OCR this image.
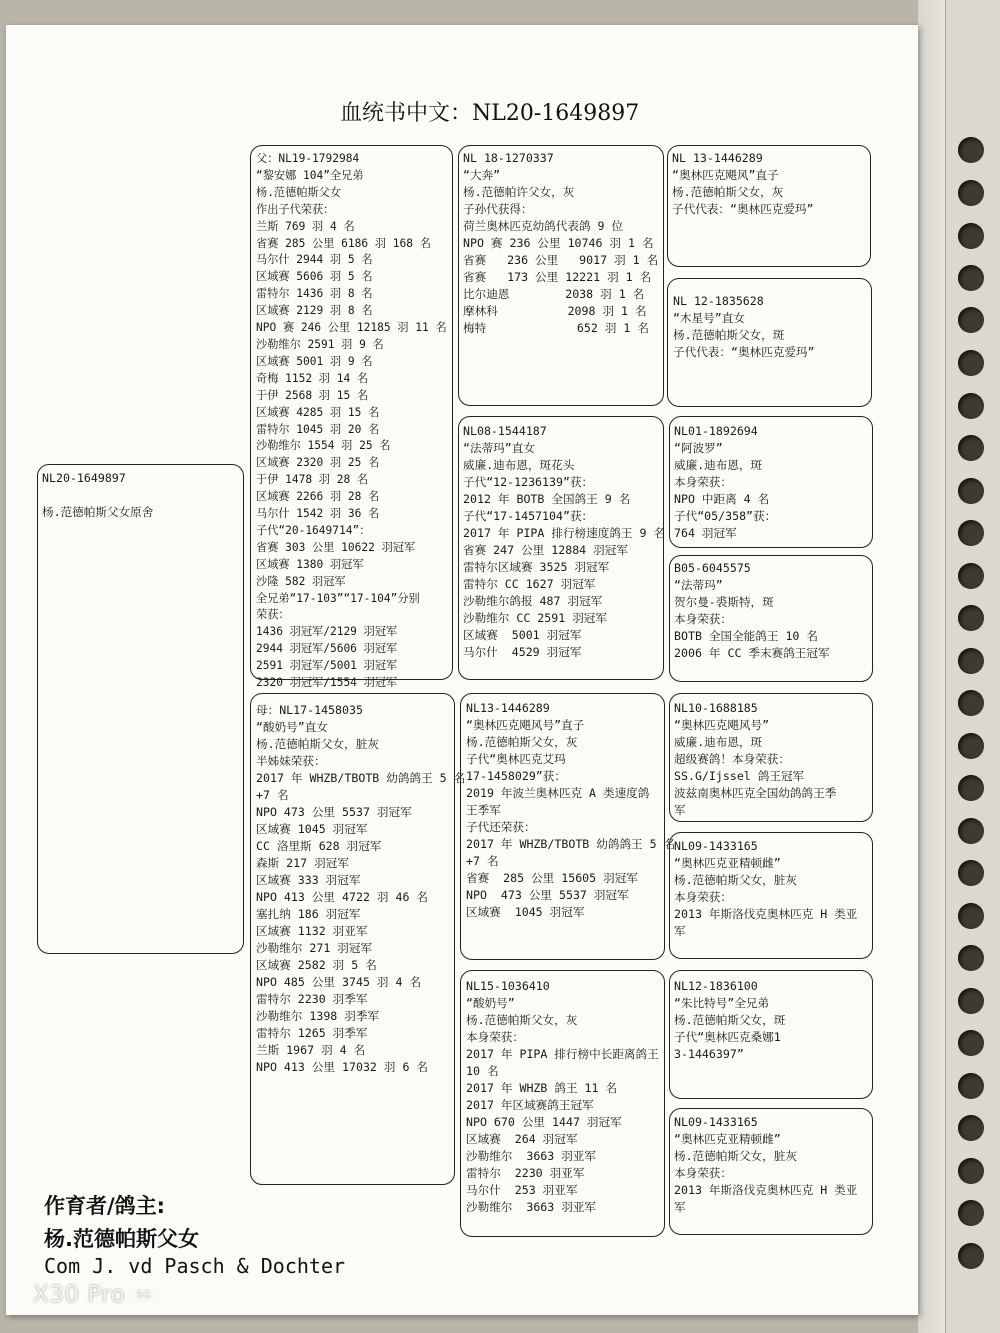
血统书中文：NL20-1649897
NL20-1649897

杨.范德帕斯父女原舍
父：NL19-1792984
“黎安娜 104”全兄弟
杨.范德帕斯父女
作出子代荣获：
兰斯 769 羽 4 名
省赛 285 公里 6186 羽 168 名
马尔什 2944 羽 5 名
区域赛 5606 羽 5 名
雷特尔 1436 羽 8 名
区域赛 2129 羽 8 名
NPO 赛 246 公里 12185 羽 11 名
沙勒维尔 2591 羽 9 名
区域赛 5001 羽 9 名
奇梅 1152 羽 14 名
于伊 2568 羽 15 名
区域赛 4285 羽 15 名
雷特尔 1045 羽 20 名
沙勒维尔 1554 羽 25 名
区域赛 2320 羽 25 名
于伊 1478 羽 28 名
区域赛 2266 羽 28 名
马尔什 1542 羽 36 名
子代“20-1649714”：
省赛 303 公里 10622 羽冠军
区域赛 1380 羽冠军
沙隆 582 羽冠军
全兄弟“17-103”“17-104”分别
荣获：
1436 羽冠军/2129 羽冠军
2944 羽冠军/5606 羽冠军
2591 羽冠军/5001 羽冠军
2320 羽冠军/1554 羽冠军
母：NL17-1458035
“酸奶号”直女
杨.范德帕斯父女，脏灰
半姊妹荣获：
2017 年 WHZB/TBOTB 幼鸽鸽王 5 名
+7 名
NPO 473 公里 5537 羽冠军
区域赛 1045 羽冠军
CC 洛里斯 628 羽冠军
森斯 217 羽冠军
区域赛 333 羽冠军
NPO 413 公里 4722 羽 46 名
塞扎纳 186 羽冠军
区域赛 1132 羽亚军
沙勒维尔 271 羽冠军
区域赛 2582 羽 5 名
NPO 485 公里 3745 羽 4 名
雷特尔 2230 羽季军
沙勒维尔 1398 羽季军
雷特尔 1265 羽季军
兰斯 1967 羽 4 名
NPO 413 公里 17032 羽 6 名
NL 18-1270337
“大奔”
杨.范德帕许父女，灰
子孙代获得：
荷兰奥林匹克幼鸽代表鸽 9 位
NPO 赛 236 公里 10746 羽 1 名
省赛   236 公里   9017 羽 1 名
省赛   173 公里 12221 羽 1 名
比尔迪恩        2038 羽 1 名
摩林科          2098 羽 1 名
梅特             652 羽 1 名
NL08-1544187
“法蒂玛”直女
威廉.迪布恩，斑花头
子代“12-1236139”获：
2012 年 BOTB 全国鸽王 9 名
子代“17-1457104”获：
2017 年 PIPA 排行榜速度鸽王 9 名
省赛 247 公里 12884 羽冠军
雷特尔区域赛 3525 羽冠军
雷特尔 CC 1627 羽冠军
沙勒维尔鸽报 487 羽冠军
沙勒维尔 CC 2591 羽冠军
区域赛  5001 羽冠军
马尔什  4529 羽冠军
NL13-1446289
“奥林匹克飓风号”直子
杨.范德帕斯父女，灰
子代“奥林匹克艾玛
17-1458029”获：
2019 年波兰奥林匹克 A 类速度鸽
王季军
子代还荣获：
2017 年 WHZB/TBOTB 幼鸽鸽王 5 名
+7 名
省赛  285 公里 15605 羽冠军
NPO  473 公里 5537 羽冠军
区域赛  1045 羽冠军
NL15-1036410
“酸奶号”
杨.范德帕斯父女，灰
本身荣获：
2017 年 PIPA 排行榜中长距离鸽王
10 名
2017 年 WHZB 鸽王 11 名
2017 年区域赛鸽王冠军
NPO 670 公里 1447 羽冠军
区域赛  264 羽冠军
沙勒维尔  3663 羽亚军
雷特尔  2230 羽亚军
马尔什  253 羽亚军
沙勒维尔  3663 羽亚军
NL 13-1446289
“奥林匹克飓风”直子
杨.范德帕斯父女，灰
子代代表：“奥林匹克爱玛”
NL 12-1835628
“木星号”直女
杨.范德帕斯父女，斑
子代代表：“奥林匹克爱玛”
NL01-1892694
“阿波罗”
威廉.迪布恩，斑
本身荣获：
NPO 中距离 4 名
子代“05/358”获：
764 羽冠军
B05-6045575
“法蒂玛”
贺尔曼-裘斯特，斑
本身荣获：
BOTB 全国全能鸽王 10 名
2006 年 CC 季末赛鸽王冠军
NL10-1688185
“奥林匹克飓风号”
威廉.迪布恩，斑
超级赛鸽！本身荣获：
SS.G/Ijssel 鸽王冠军
波兹南奥林匹克全国幼鸽鸽王季
军
NL09-1433165
“奥林匹克亚精顿雌”
杨.范德帕斯父女，脏灰
本身荣获：
2013 年斯洛伐克奥林匹克 H 类亚
军
NL12-1836100
“朱比特号”全兄弟
杨.范德帕斯父女，斑
子代“奥林匹克桑娜1
3-1446397”
NL09-1433165
“奥林匹克亚精顿雌”
杨.范德帕斯父女，脏灰
本身荣获：
2013 年斯洛伐克奥林匹克 H 类亚
军
作育者/鸽主:
杨.范德帕斯父女
Com J. vd Pasch & Dochter
X30 Pro 5G
